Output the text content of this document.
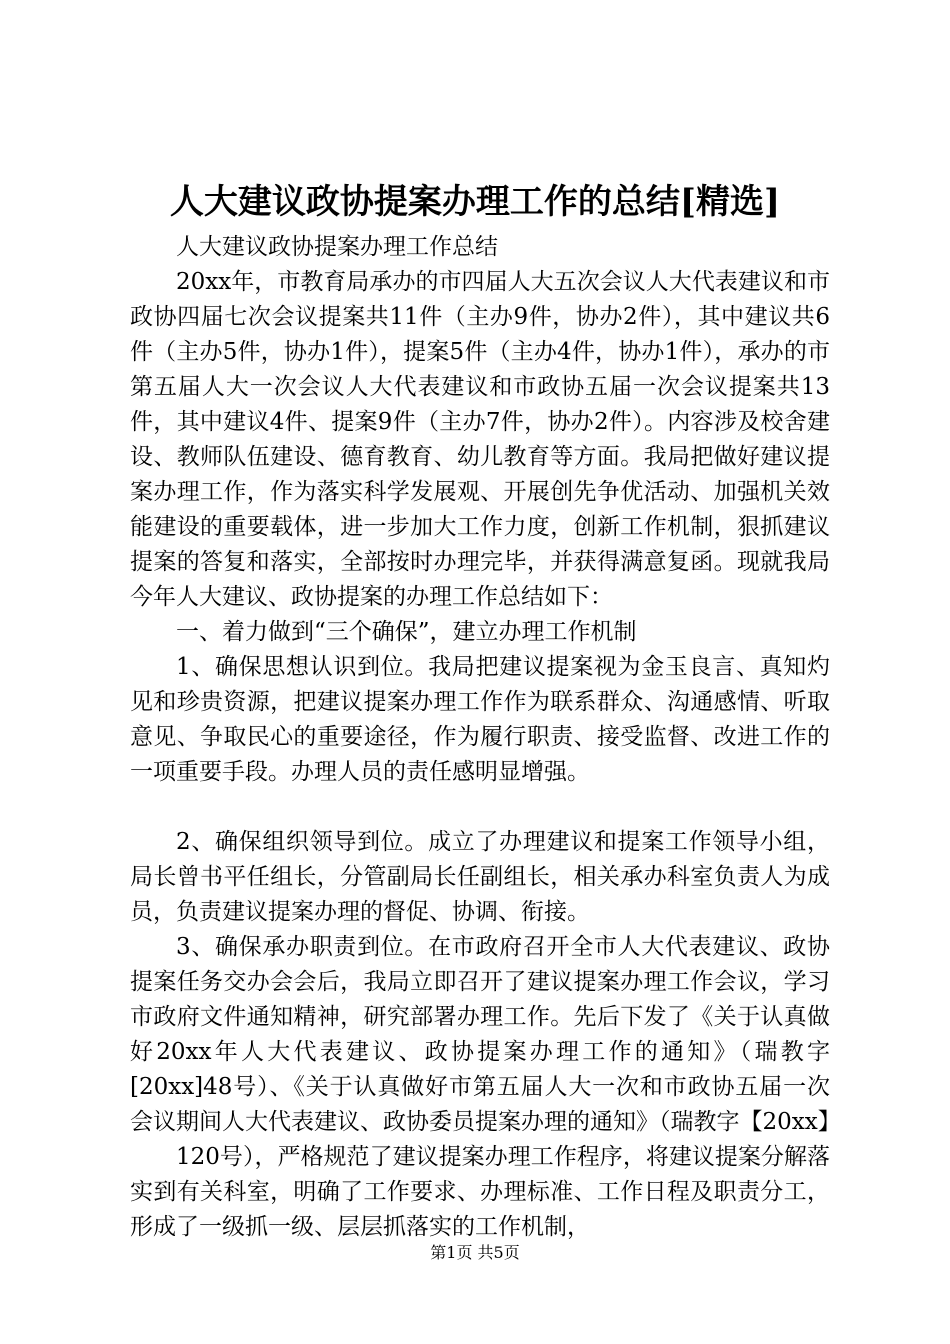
人大建议政协提案办理工作的总结[精选]

人大建议政协提案办理工作总结

20xx年，市教育局承办的市四届人大五次会议人大代表建议和市政协四届七次会议提案共11件（主办9件，协办2件），其中建议共6件（主办5件，协办1件），提案5件（主办4件，协办1件），承办的市第五届人大一次会议人大代表建议和市政协五届一次会议提案共13件，其中建议4件、提案9件（主办7件，协办2件）。内容涉及校舍建设、教师队伍建设、德育教育、幼儿教育等方面。我局把做好建议提案办理工作，作为落实科学发展观、开展创先争优活动、加强机关效能建设的重要载体，进一步加大工作力度，创新工作机制，狠抓建议提案的答复和落实，全部按时办理完毕，并获得满意复函。现就我局今年人大建议、政协提案的办理工作总结如下：

一、着力做到“三个确保”，建立办理工作机制

1、确保思想认识到位。我局把建议提案视为金玉良言、真知灼见和珍贵资源，把建议提案办理工作作为联系群众、沟通感情、听取意见、争取民心的重要途径，作为履行职责、接受监督、改进工作的一项重要手段。办理人员的责任感明显增强。

2、确保组织领导到位。成立了办理建议和提案工作领导小组，局长曾书平任组长，分管副局长任副组长，相关承办科室负责人为成员，负责建议提案办理的督促、协调、衔接。

3、确保承办职责到位。在市政府召开全市人大代表建议、政协提案任务交办会会后，我局立即召开了建议提案办理工作会议，学习市政府文件通知精神，研究部署办理工作。先后下发了《关于认真做好20xx年人大代表建议、政协提案办理工作的通知》（瑞教字[20xx]48号）、《关于认真做好市第五届人大一次和市政协五届一次会议期间人大代表建议、政协委员提案办理的通知》（瑞教字【20xx】

120号），严格规范了建议提案办理工作程序，将建议提案分解落实到有关科室，明确了工作要求、办理标准、工作日程及职责分工，形成了一级抓一级、层层抓落实的工作机制，

第1页 共5页
